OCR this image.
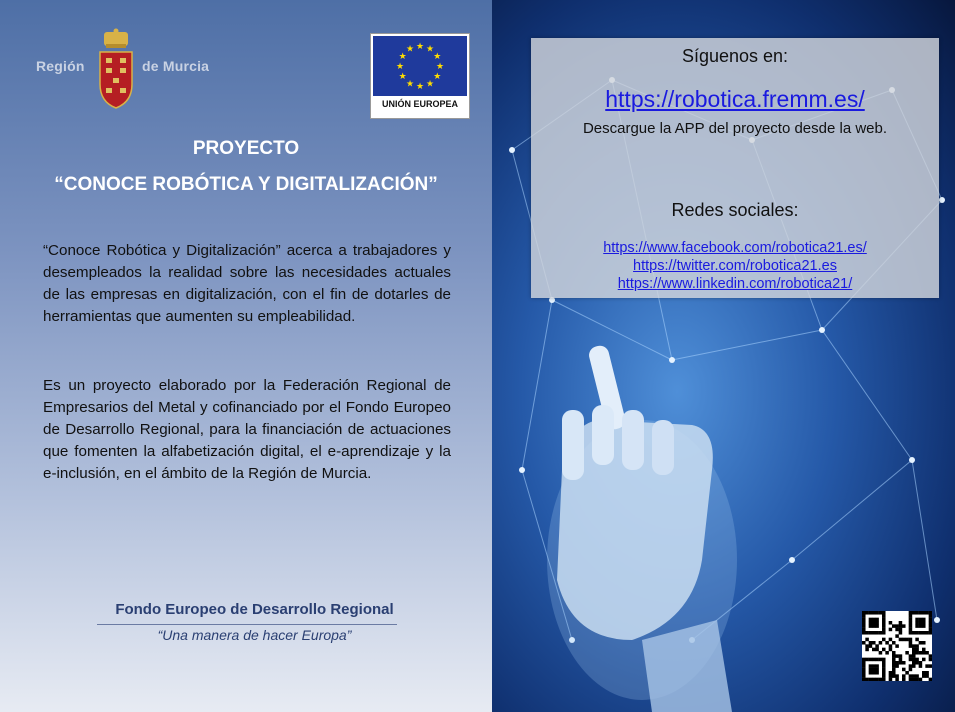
Región	de Murcia	★
★
★
★
★
★
★
★
★ ★ ★
★
UNIÓN EUROPEA
PROYECTO
“CONOCE ROBÓTICA Y DIGITALIZACIÓN”
“Conoce Robótica y Digitalización” acerca a trabajadores y desempleados la realidad sobre las necesidades actuales de las empresas en digitalización, con el fin de dotarles de herramientas que aumenten su empleabilidad.
Es un proyecto elaborado por la Federación Regional de Empresarios del Metal y cofinanciado por el Fondo Europeo de Desarrollo Regional, para la financiación de actuaciones que fomenten la alfabetización digital, el e-aprendizaje y la e-inclusión, en el ámbito de la Región de Murcia.
Fondo Europeo de Desarrollo Regional
“Una manera de hacer Europa”
Síguenos en:
https://robotica.fremm.es/
Descargue la APP del proyecto desde la web.
Redes sociales:
https://www.facebook.com/robotica21.es/
https://twitter.com/robotica21.es
https://www.linkedin.com/robotica21/
